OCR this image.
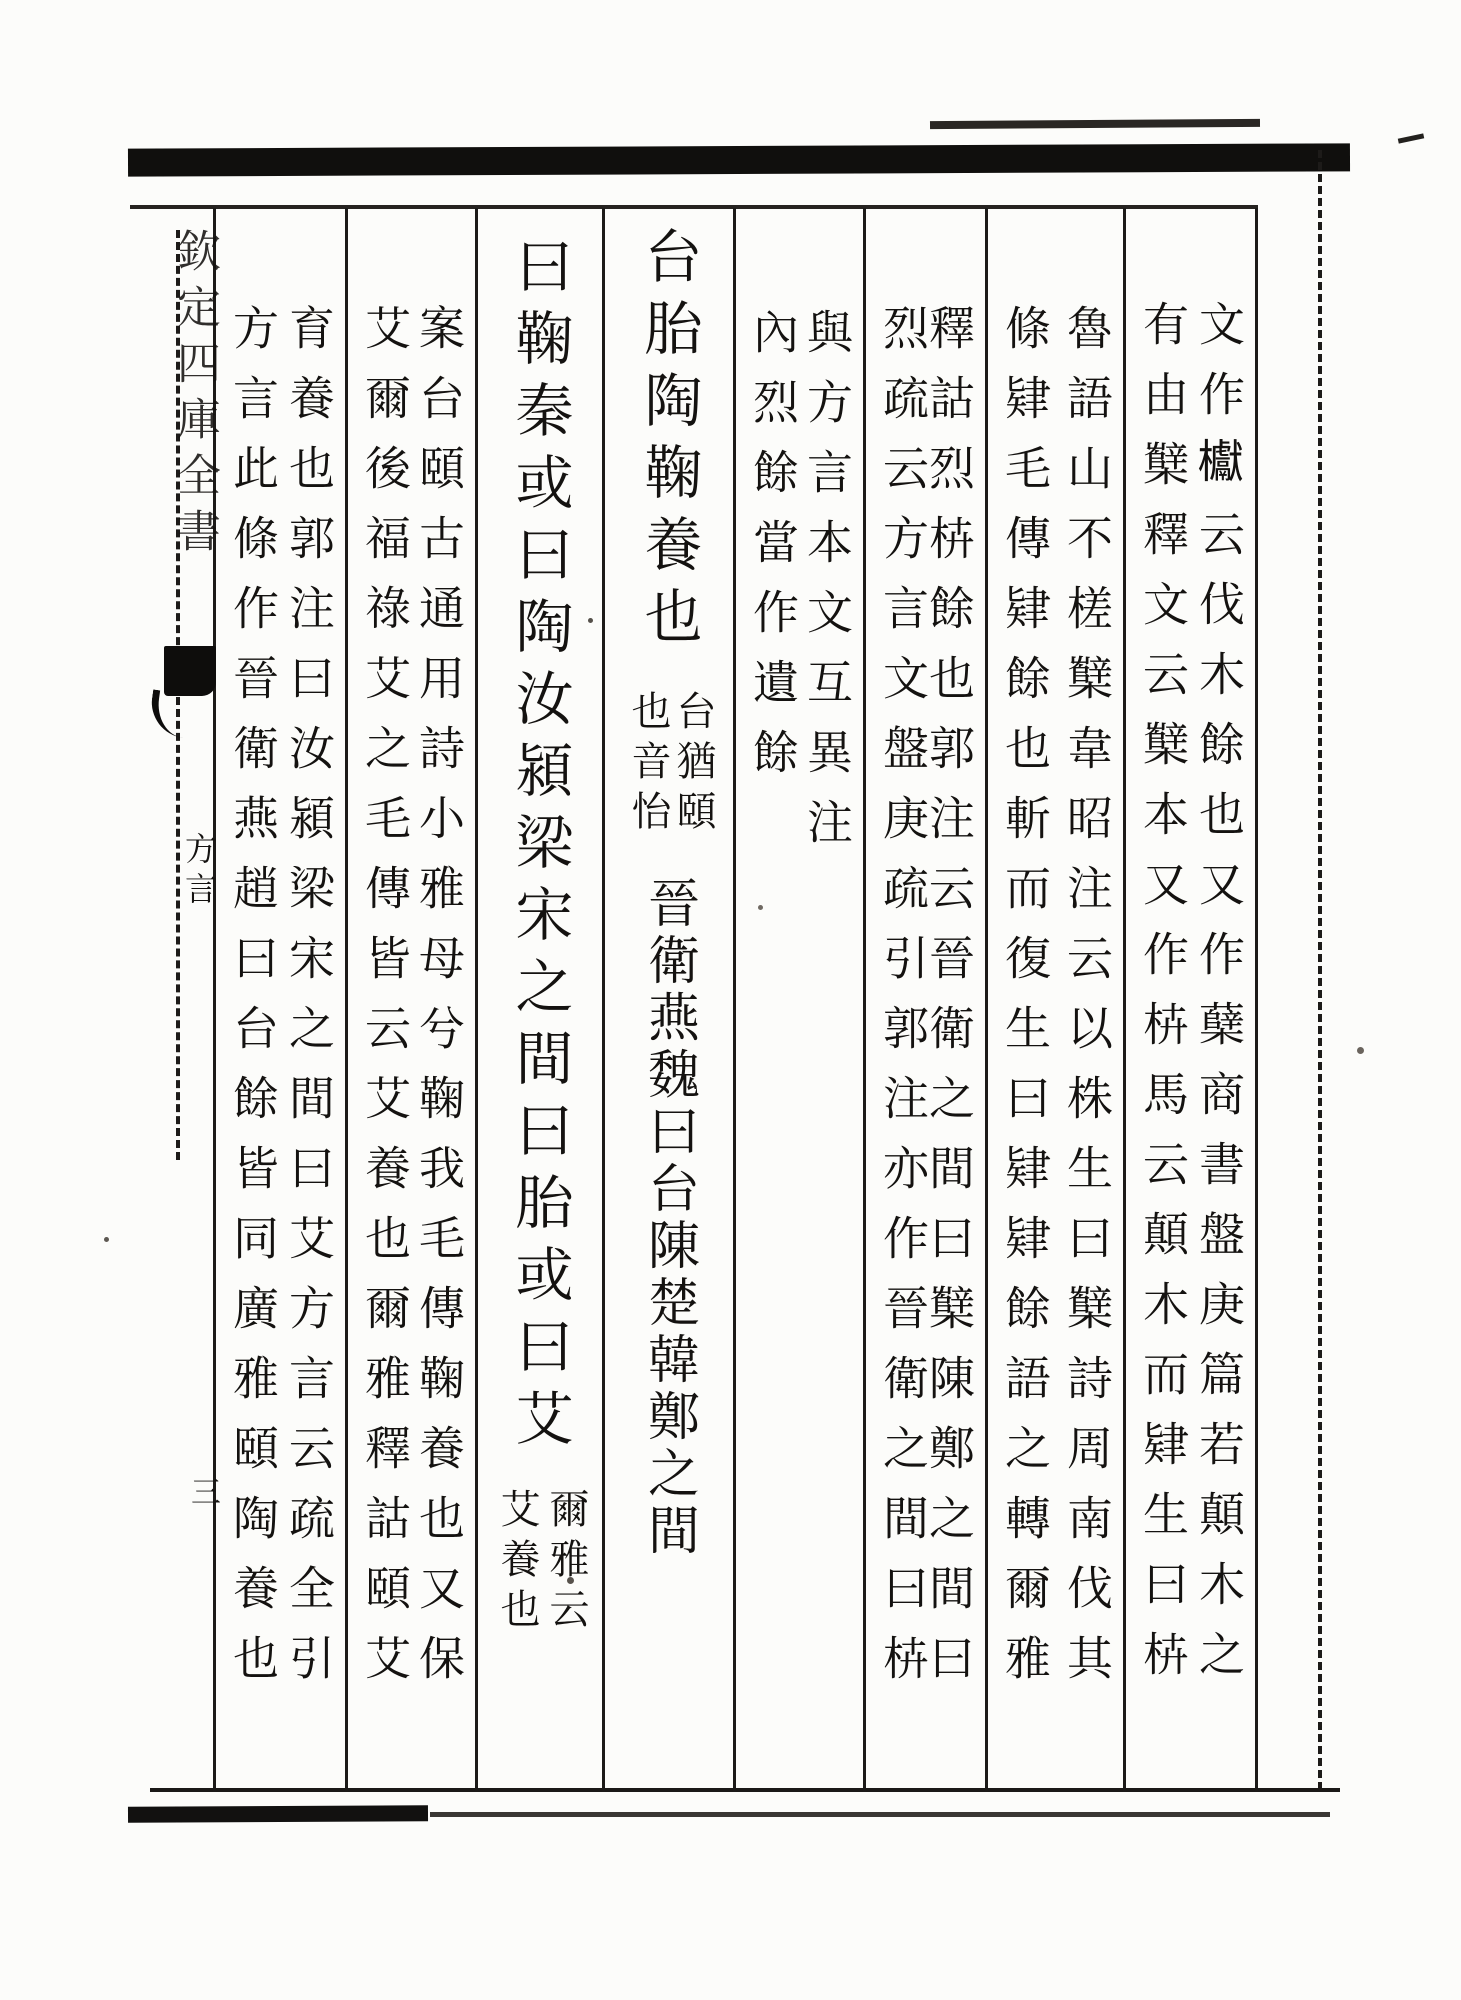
欽定四庫全書
方言
三	文作𣡌云伐木餘也又作蘖商書盤庚篇若顛木之
有由櫱釋文云櫱本又作枿馬云顛木而肄生曰枿
魯語山不槎櫱韋昭注云以株生曰櫱詩周南伐其
條肄毛傳肄餘也斬而復生曰肄肄餘語之轉爾雅
釋詁烈枿餘也郭注云晉衛之間曰櫱陳鄭之間曰
烈疏云方言文盤庚疏引郭注亦作晉衛之間曰枿
與方言本文互異注
內烈餘當作遺餘
台胎陶鞠養也
台猶頤
也音怡
晉衛燕魏曰台陳楚韓鄭之間
曰鞠秦或曰陶汝潁梁宋之間曰胎或曰艾
爾雅云
艾養也
案台頤古通用詩小雅母兮鞠我毛傳鞠養也又保
艾爾後福祿艾之毛傳皆云艾養也爾雅釋詁頤艾
育養也郭注曰汝潁梁宋之間曰艾方言云疏全引
方言此條作晉衛燕趙曰台餘皆同廣雅頤陶養也
